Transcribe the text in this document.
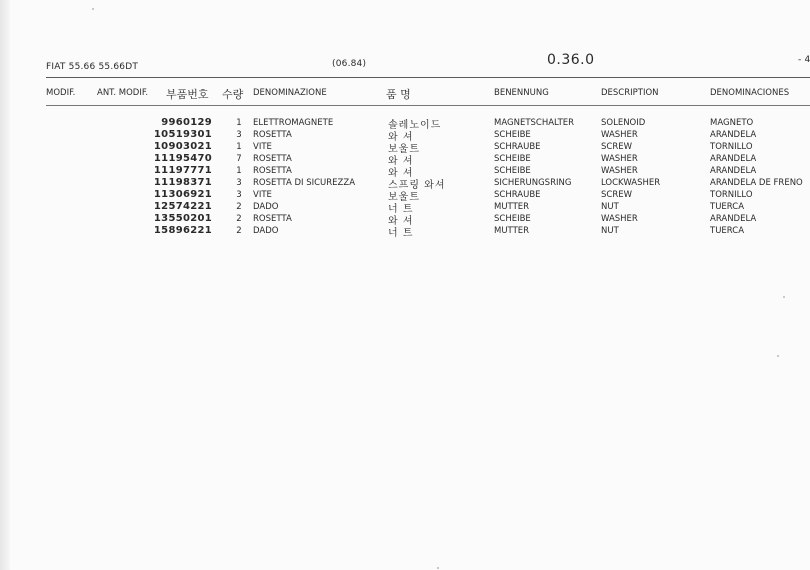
FIAT 55.66 55.66DT	(06.84)	0.36.0	- 4
MODIF.	ANT. MODIF. 부품번호 수량 DENOMINAZIONE	품 명	BENENNUNG	DESCRIPTION	DENOMINACIONES
9960129	1 ELETTROMAGNETE	솔레노이드	MAGNETSCHALTER	SOLENOID	MAGNETO
10519301	3 ROSETTA	와 셔	SCHEIBE	WASHER	ARANDELA
10903021	1 VITE	보울트	SCHRAUBE	SCREW	TORNILLO
11195470	7 ROSETTA	와 셔	SCHEIBE	WASHER	ARANDELA
11197771	1 ROSETTA	와 셔	SCHEIBE	WASHER	ARANDELA
11198371	3 ROSETTA DI SICUREZZA	스프링 와셔	SICHERUNGSRING	LOCKWASHER	ARANDELA DE FRENO
11306921	3 VITE	보울트	SCHRAUBE	SCREW	TORNILLO
12574221	2 DADO	너 트	MUTTER	NUT	TUERCA
13550201	2 ROSETTA	와 셔	SCHEIBE	WASHER	ARANDELA
15896221	2 DADO	너 트	MUTTER	NUT	TUERCA
